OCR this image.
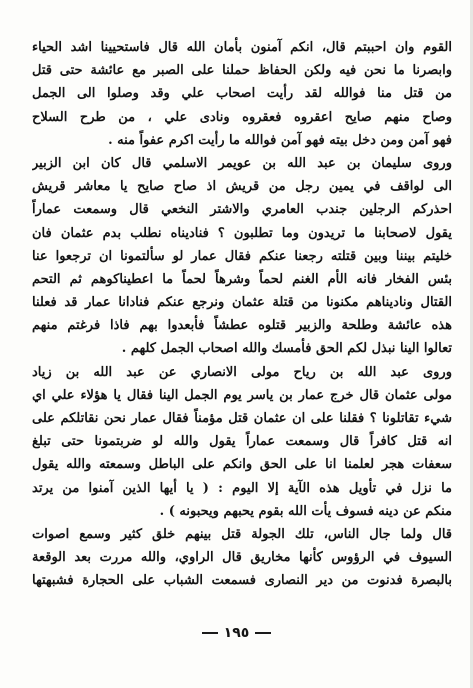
القوم وان احببتم قال، انكم آمنون بأمان الله قال فاستحيينا اشد الحياء
وابصرنا ما نحن فيه ولكن الحفاظ حملنا على الصبر مع عائشة حتى قتل
من قتل منا فوالله لقد رأيت اصحاب علي وقد وصلوا الى الجمل
وصاح منهم صايح اعقروه فعقروه ونادى علي ، من طرح السلاح
فهو آمن ومن دخل بيته فهو آمن فوالله ما رأيت اكرم عفواً منه .
وروى سليمان بن عبد الله بن عويمر الاسلمي قال كان ابن الزبير
الى لواقف في يمين رجل من قريش اذ صاح صايح يا معاشر قريش
احذركم الرجلين جندب العامري والاشتر النخعي قال وسمعت عماراً
يقول لاصحابنا ما تريدون وما تطلبون ؟ فناديناه نطلب بدم عثمان فان
خليتم بيننا وبين قتلته رجعنا عنكم فقال عمار لو سألتمونا ان ترجعوا عنا
بئس الفخار فانه الأم الغنم لحماً وشرهاً لحماً ما اعطيناكوهم ثم التحم
القتال وناديناهم مكنونا من قتلة عثمان ونرجع عنكم فنادانا عمار قد فعلنا
هذه عائشة وطلحة والزبير قتلوه عطشاً فأبعدوا بهم فاذا فرغتم منهم
تعالوا الينا نبذل لكم الحق فأمسك والله اصحاب الجمل كلهم .
وروى عبد الله بن رياح مولى الانصاري عن عبد الله بن زياد
مولى عثمان قال خرج عمار بن ياسر يوم الجمل الينا فقال يا هؤلاء علي اي
شيء تقاتلونا ؟ فقلنا على ان عثمان قتل مؤمناً فقال عمار نحن نقاتلكم على
انه قتل كافراً قال وسمعت عماراً يقول والله لو ضربتمونا حتى تبلغ
سعفات هجر لعلمنا انا على الحق وانكم على الباطل وسمعته والله يقول
ما نزل في تأويل هذه الآية إلا اليوم : ( يا أيها الذين آمنوا من يرتد
منكم عن دينه فسوف يأت الله بقوم يحبهم ويحبونه ) .
قال ولما جال الناس، تلك الجولة قتل بينهم خلق كثير وسمع اصوات
السيوف في الرؤوس كأنها مخاريق قال الراوي، والله مررت بعد الوقعة
بالبصرة فدنوت من دير النصارى فسمعت الشباب على الحجارة فشبهتها
١٩٥
